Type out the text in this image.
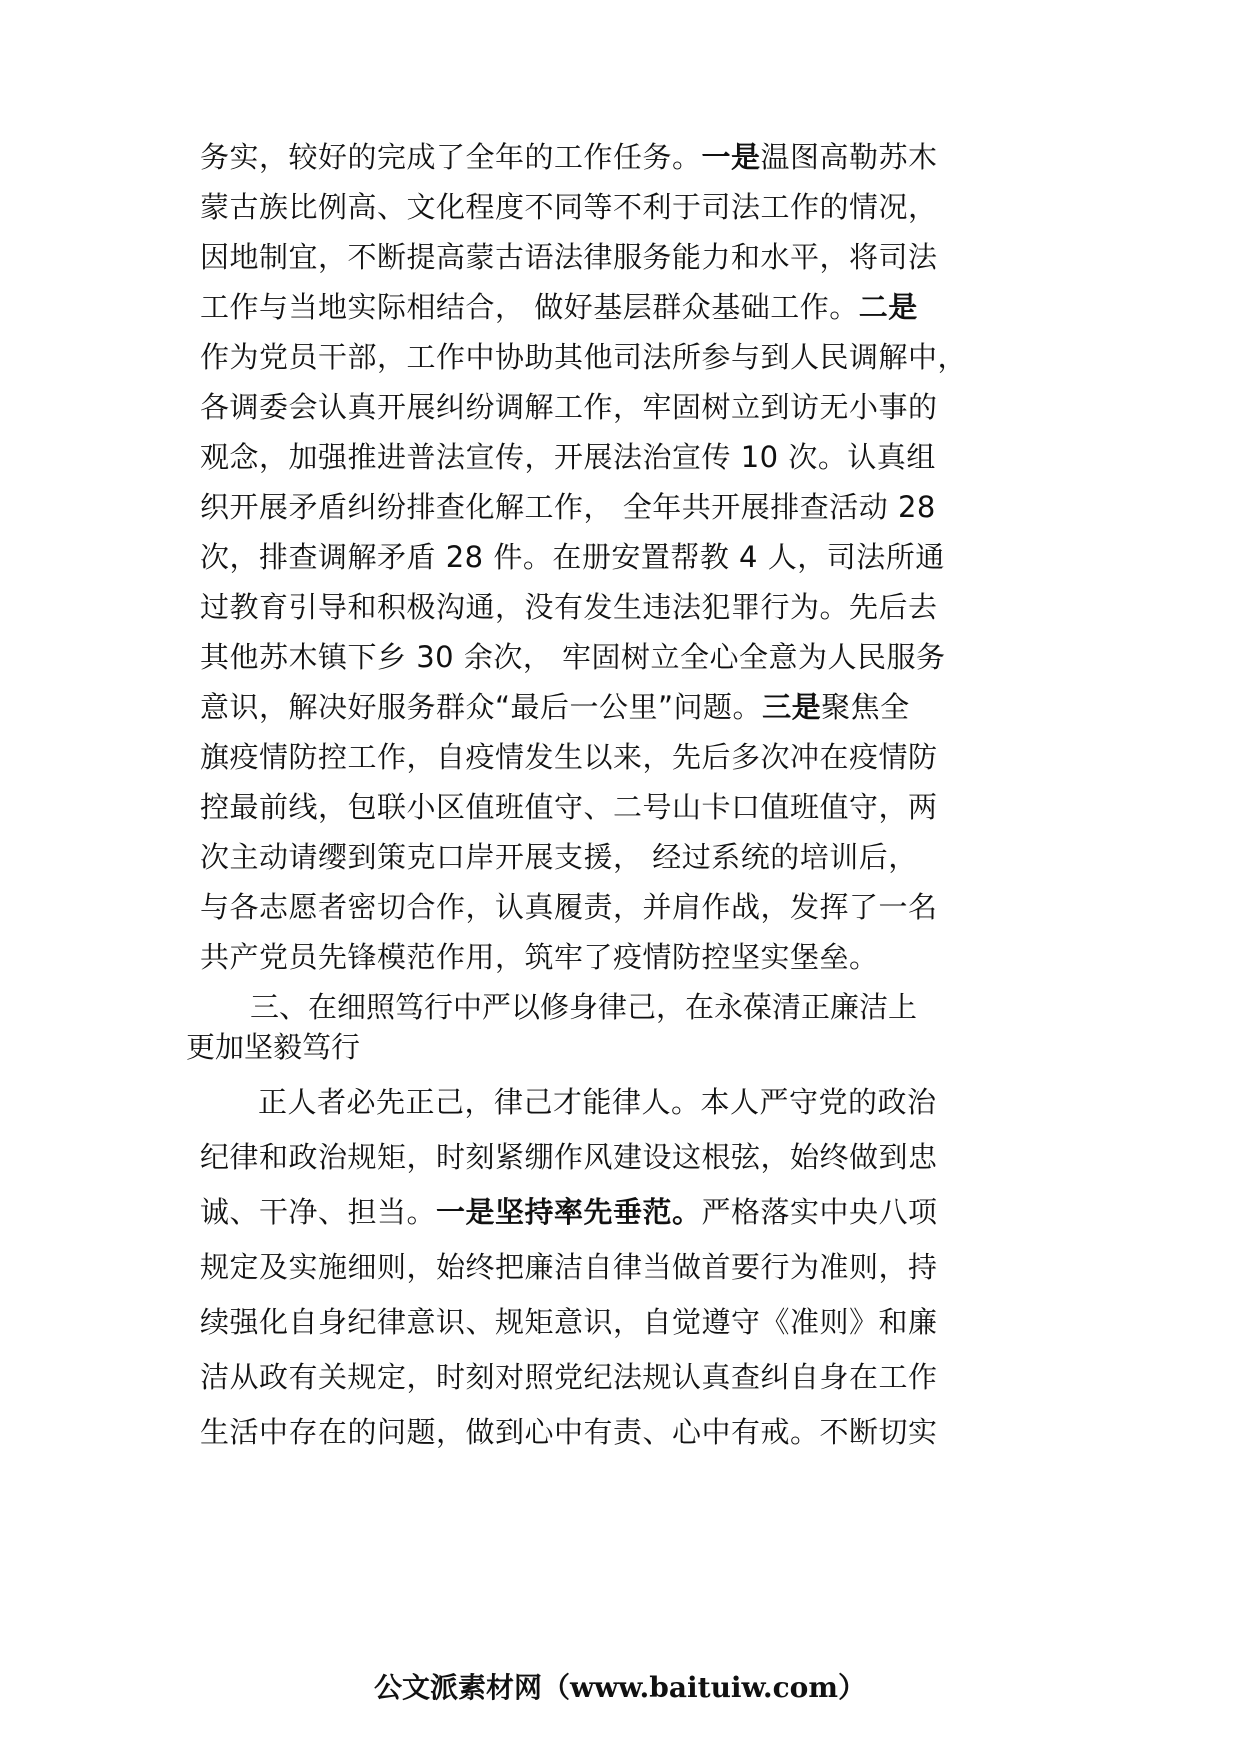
务实，较好的完成了全年的工作任务。一是温图高勒苏木
蒙古族比例高、文化程度不同等不利于司法工作的情况，
因地制宜，不断提高蒙古语法律服务能力和水平，将司法
工作与当地实际相结合， 做好基层群众基础工作。二是
作为党员干部，工作中协助其他司法所参与到人民调解中，
各调委会认真开展纠纷调解工作，牢固树立到访无小事的
观念，加强推进普法宣传，开展法治宣传 10 次。认真组
织开展矛盾纠纷排查化解工作， 全年共开展排查活动 28
次，排查调解矛盾 28 件。在册安置帮教 4 人，司法所通
过教育引导和积极沟通，没有发生违法犯罪行为。先后去
其他苏木镇下乡 30 余次， 牢固树立全心全意为人民服务
意识，解决好服务群众“最后一公里”问题。三是聚焦全
旗疫情防控工作，自疫情发生以来，先后多次冲在疫情防
控最前线，包联小区值班值守、二号山卡口值班值守，两
次主动请缨到策克口岸开展支援， 经过系统的培训后，
与各志愿者密切合作，认真履责，并肩作战，发挥了一名
共产党员先锋模范作用，筑牢了疫情防控坚实堡垒。
三、在细照笃行中严以修身律己，在永葆清正廉洁上
更加坚毅笃行
正人者必先正己，律己才能律人。本人严守党的政治
纪律和政治规矩，时刻紧绷作风建设这根弦，始终做到忠
诚、干净、担当。一是坚持率先垂范。严格落实中央八项
规定及实施细则，始终把廉洁自律当做首要行为准则，持
续强化自身纪律意识、规矩意识，自觉遵守《准则》和廉
洁从政有关规定，时刻对照党纪法规认真查纠自身在工作
生活中存在的问题，做到心中有责、心中有戒。不断切实
公文派素材网（www.baituiw.com）
